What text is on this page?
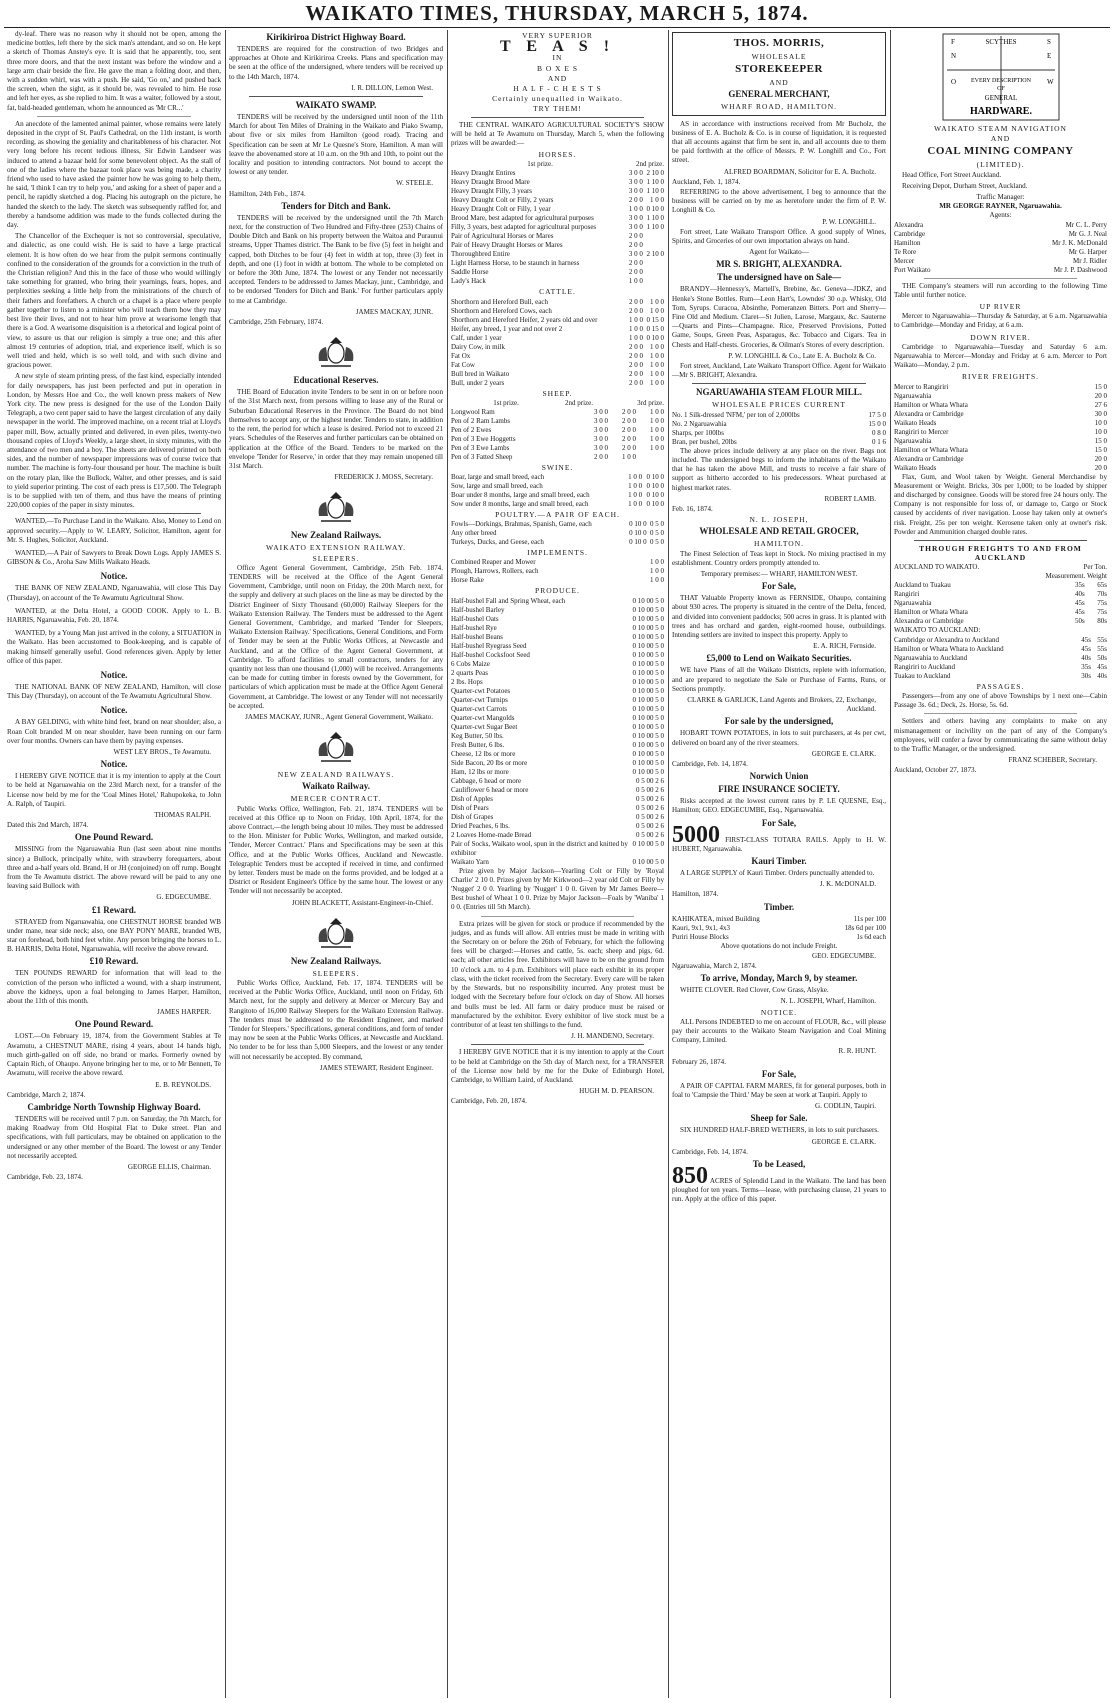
WAIKATO TIMES, THURSDAY, MARCH 5, 1874.

dy-leaf. There was no reason why it should not be open, among the medicine bottles, left there by the sick man's attendant, and so on. He kept a sketch of Thomas Anstey's eye. It is said that he apparently, too, sent three more doors, and that the next instant was before the window and a large arm chair beside the fire. He gave the man a folding door, and then, with a sudden whirl, was with a push. He said, 'Go on,' and pushed back the screen, when the sight, as it should be, was revealed to him. He rose and left her eyes, as she replied to him. It was a waiter, followed by a stout, fat, bald-headed gentleman, whom he announced as 'Mr CR...'

An anecdote of the lamented animal painter, whose remains were lately deposited in the crypt of St. Paul's Cathedral, on the 11th instant, is worth recording, as showing the geniality and charitableness of his character. Not very long before his recent tedious illness, Sir Edwin Landseer was induced to attend a bazaar held for some benevolent object. As the stall of one of the ladies where the bazaar took place was being made, a charity friend who used to have asked the painter how he was going to help them, he said, 'I think I can try to help you,' and asking for a sheet of paper and a pencil, he rapidly sketched a dog. Placing his autograph on the picture, he handed the sketch to the lady. The sketch was subsequently raffled for, and thereby a handsome addition was made to the funds collected during the day.

The Chancellor of the Exchequer is not so controversial, speculative, and dialectic, as one could wish. He is said to have a large practical element. It is how often do we hear from the pulpit sermons continually confined to the consideration of the grounds for a conviction in the truth of the Christian religion? And this in the face of those who would willingly take something for granted, who bring their yearnings, fears, hopes, and perplexities seeking a little help from the ministrations of the church of their fathers and forefathers. A church or a chapel is a place where people gather together to listen to a minister who will teach them how they may best live their lives, and not to hear him prove at wearisome length that there is a God. A wearisome disquisition is a rhetorical and logical point of view, to assure us that our religion is simply a true one; and this after almost 19 centuries of adoption, trial, and experience itself, which is so well tried and held, which is so well told, and with such divine and gracious power.

A new style of steam printing press, of the fast kind, especially intended for daily newspapers, has just been perfected and put in operation in London, by Messrs Hoe and Co., the well known press makers of New York city. The new press is designed for the use of the London Daily Telegraph, a two cent paper said to have the largest circulation of any daily newspaper in the world. The improved machine, on a recent trial at Lloyd's paper mill, Bow, actually printed and delivered, in even piles, twenty-two thousand copies of Lloyd's Weekly, a large sheet, in sixty minutes, with the attendance of two men and a boy. The sheets are delivered printed on both sides, and the number of newspaper impressions was of course twice that number. The machine is forty-four thousand per hour. The machine is built on the rotary plan, like the Bullock, Walter, and other presses, and is said to yield superior printing. The cost of each press is £17,500. The Telegraph is to be supplied with ten of them, and thus have the means of printing 220,000 copies of the paper in sixty minutes.

WANTED,—To Purchase Land in the Waikato. Also, Money to Lend on approved security.—Apply to W. LEARY, Solicitor, Hamilton, agent for Mr. S. Hughes, Solicitor, Auckland.

WANTED,—A Pair of Sawyers to Break Down Logs. Apply JAMES S. GIBSON & Co., Aroha Saw Mills Waikato Heads.

Notice.

THE BANK OF NEW ZEALAND, Ngaruawahia, will close This Day (Thursday), on account of the Te Awamutu Agricultural Show.

WANTED, at the Delta Hotel, a GOOD COOK. Apply to L. B. HARRIS, Ngaruawahia, Feb. 20, 1874.

WANTED, by a Young Man just arrived in the colony, a SITUATION in the Waikato. Has been accustomed to Book-keeping, and is capable of making himself generally useful. Good references given. Apply by letter office of this paper.

Notice.

THE NATIONAL BANK OF NEW ZEALAND, Hamilton, will close This Day (Thursday), on account of the Te Awamutu Agricultural Show.

Notice.

A BAY GELDING, with white hind feet, brand on near shoulder; also, a Roan Colt branded M on near shoulder, have been running on our farm over four months. Owners can have them by paying expenses.

WEST LEY BROS., Te Awamutu.
Notice.

I HEREBY GIVE NOTICE that it is my intention to apply at the Court to be held at Ngaruawahia on the 23rd March next, for a transfer of the License now held by me for the 'Coal Mines Hotel,' Rahupokeka, to John A. Ralph, of Taupiri.

THOMAS RALPH.
Dated this 2nd March, 1874.
One Pound Reward.

MISSING from the Ngaruawahia Run (last seen about nine months since) a Bullock, principally white, with strawberry forequarters, about three and a-half years old. Brand, H or JH (conjoined) on off rump. Bought from the Te Awamutu district. The above reward will be paid to any one leaving said Bullock with

G. EDGECUMBE.
£1 Reward.

STRAYED from Ngaruawahia, one CHESTNUT HORSE branded WB under mane, near side neck; also, one BAY PONY MARE, branded WB, star on forehead, both hind feet white. Any person bringing the horses to L. B. HARRIS, Delta Hotel, Ngaruawahia, will receive the above reward.

£10 Reward.

TEN POUNDS REWARD for information that will lead to the conviction of the person who inflicted a wound, with a sharp instrument, above the kidneys, upon a foal belonging to James Harper, Hamilton, about the 11th of this month.

JAMES HARPER.
One Pound Reward.

LOST.—On February 19, 1874, from the Government Stables at Te Awamutu, a CHESTNUT MARE, rising 4 years, about 14 hands high, much girth-galled on off side, no brand or marks. Formerly owned by Captain Rich, of Ohaupo. Anyone bringing her to me, or to Mr Bennett, Te Awamutu, will receive the above reward.

E. B. REYNOLDS.
Cambridge, March 2, 1874.
Cambridge North Township Highway Board.

TENDERS will be received until 7 p.m. on Saturday, the 7th March, for making Roadway from Old Hospital Flat to Duke street. Plan and specifications, with full particulars, may be obtained on application to the undersigned or any other member of the Board. The lowest or any Tender not necessarily accepted.

GEORGE ELLIS, Chairman.
Cambridge, Feb. 23, 1874.
Kirikiriroa District Highway Board.

TENDERS are required for the construction of two Bridges and approaches at Ohote and Kirikiriroa Creeks. Plans and specification may be seen at the office of the undersigned, where tenders will be received up to the 14th March, 1874.

I. R. DILLON, Lemon West.
WAIKATO SWAMP.

TENDERS will be received by the undersigned until noon of the 11th March for about Ten Miles of Draining in the Waikato and Piako Swamp, about five or six miles from Hamilton (good road). Tracing and Specification can be seen at Mr Le Quesne's Store, Hamilton. A man will leave the abovenamed store at 10 a.m. on the 9th and 10th, to point out the locality and position to intending contractors. Not bound to accept the lowest or any tender.

W. STEELE.
Hamilton, 24th Feb., 1874.
Tenders for Ditch and Bank.

TENDERS will be received by the undersigned until the 7th March next, for the construction of Two Hundred and Fifty-three (253) Chains of Double Ditch and Bank on his property between the Waitoa and Puraunui streams, Upper Thames district. The Bank to be five (5) feet in height and capped, both Ditches to be four (4) feet in width at top, three (3) feet in depth, and one (1) foot in width at bottom. The whole to be completed on or before the 30th June, 1874. The lowest or any Tender not necessarily accepted. Tenders to be addressed to James Mackay, junr., Cambridge, and to be endorsed 'Tenders for Ditch and Bank.' For further particulars apply to me at Cambridge.

JAMES MACKAY, JUNR.
Cambridge, 25th February, 1874.
Educational Reserves.

THE Board of Education invite Tenders to be sent in on or before noon of the 31st March next, from persons willing to lease any of the Rural or Suburban Educational Reserves in the Province. The Board do not bind themselves to accept any, or the highest tender. Tenders to state, in addition to the rent, the period for which a lease is desired. Period not to exceed 21 years. Schedules of the Reserves and further particulars can be obtained on application at the Office of the Board. Tenders to be marked on the envelope 'Tender for Reserve,' in order that they may remain unopened till 31st March.

FREDERICK J. MOSS, Secretary.
New Zealand Railways.
WAIKATO EXTENSION RAILWAY.
SLEEPERS.

Office Agent General Government, Cambridge, 25th Feb. 1874. TENDERS will be received at the Office of the Agent General Government, Cambridge, until noon on Friday, the 20th March next, for the supply and delivery at such places on the line as may be directed by the District Engineer of Sixty Thousand (60,000) Railway Sleepers for the Waikato Extension Railway. The Tenders must be addressed to the Agent General Government, Cambridge, and marked 'Tender for Sleepers, Waikato Extension Railway.' Specifications, General Conditions, and Form of Tender may be seen at the Public Works Offices, at Newcastle and Auckland, and at the Office of the Agent General Government, at Cambridge. To afford facilities to small contractors, tenders for any quantity not less than one thousand (1,000) will be received. Arrangements can be made for cutting timber in forests owned by the Government, for particulars of which application must be made at the Office Agent General Government, at Cambridge. The lowest or any Tender will not necessarily be accepted.

JAMES MACKAY, JUNR., Agent General Government, Waikato.
NEW ZEALAND RAILWAYS.
Waikato Railway.
MERCER CONTRACT.

Public Works Office, Wellington, Feb. 21, 1874. TENDERS will be received at this Office up to Noon on Friday, 10th April, 1874, for the above Contract,—the length being about 10 miles. They must be addressed to the Hon. Minister for Public Works, Wellington, and marked outside, 'Tender, Mercer Contract.' Plans and Specifications may be seen at this Office, and at the Public Works Offices, Auckland and Newcastle. Telegraphic Tenders must be accepted if received in time, and confirmed by letter. Tenders must be made on the forms provided, and be lodged at a District or Resident Engineer's Office by the same hour. The lowest or any Tender will not necessarily be accepted.

JOHN BLACKETT, Assistant-Engineer-in-Chief.
New Zealand Railways.
SLEEPERS.

Public Works Office, Auckland, Feb. 17, 1874. TENDERS will be received at the Public Works Office, Auckland, until noon on Friday, 6th March next, for the supply and delivery at Mercer or Mercury Bay and Rangitoto of 16,000 Railway Sleepers for the Waikato Extension Railway. The tenders must be addressed to the Resident Engineer, and marked 'Tender for Sleepers.' Specifications, general conditions, and form of tender may now be seen at the Public Works Offices, at Newcastle and Auckland. No tender to be for less than 5,000 Sleepers, and the lowest or any tender will not necessarily be accepted. By command,

JAMES STEWART, Resident Engineer.
VERY SUPERIOR
T E A S !
IN
B O X E S
AND
H A L F - C H E S T S
Certainly unequalled in Waikato.
TRY THEM!

THE CENTRAL WAIKATO AGRICULTURAL SOCIETY'S SHOW will be held at Te Awamutu on Thursday, March 5, when the following prizes will be awarded:—

HORSES.
	1st prize.	2nd prize.
Heavy Draught Entires	3 0 0	2 10 0
Heavy Draught Brood Mare	3 0 0	1 10 0
Heavy Draught Filly, 3 years	3 0 0	1 10 0
Heavy Draught Colt or Filly, 2 years	2 0 0	1 0 0
Heavy Draught Colt or Filly, 1 year	1 0 0	0 10 0
Brood Mare, best adapted for agricultural purposes	3 0 0	1 10 0
Filly, 3 years, best adapted for agricultural purposes	3 0 0	1 10 0
Pair of Agricultural Horses or Mares	2 0 0	
Pair of Heavy Draught Horses or Mares	2 0 0	
Thoroughbred Entire	3 0 0	2 10 0
Light Harness Horse, to be staunch in harness	2 0 0	
Saddle Horse	2 0 0	
Lady's Hack	1 0 0	
CATTLE.
Shorthorn and Hereford Bull, each	2 0 0	1 0 0
Shorthorn and Hereford Cows, each	2 0 0	1 0 0
Shorthorn and Hereford Heifer, 2 years old and over	1 0 0	0 15 0
Heifer, any breed, 1 year and not over 2	1 0 0	0 15 0
Calf, under 1 year	1 0 0	0 10 0
Dairy Cow, in milk	2 0 0	1 0 0
Fat Ox	2 0 0	1 0 0
Fat Cow	2 0 0	1 0 0
Bull bred in Waikato	2 0 0	1 0 0
Bull, under 2 years	2 0 0	1 0 0
SHEEP.
	1st prize.	2nd prize.	3rd prize.
Longwool Ram	3 0 0	2 0 0	1 0 0
Pen of 2 Ram Lambs	3 0 0	2 0 0	1 0 0
Pen of 2 Ewes	3 0 0	2 0 0	1 0 0
Pen of 3 Ewe Hoggetts	3 0 0	2 0 0	1 0 0
Pen of 3 Ewe Lambs	3 0 0	2 0 0	1 0 0
Pen of 3 Fatted Sheep	2 0 0	1 0 0	
SWINE.
Boar, large and small breed, each	1 0 0	0 10 0
Sow, large and small breed, each	1 0 0	0 10 0
Boar under 8 months, large and small breed, each	1 0 0	0 10 0
Sow under 8 months, large and small breed, each	1 0 0	0 10 0
POULTRY.—A PAIR OF EACH.
Fowls—Dorkings, Brahmas, Spanish, Game, each	0 10 0	0 5 0
Any other breed	0 10 0	0 5 0
Turkeys, Ducks, and Geese, each	0 10 0	0 5 0
IMPLEMENTS.
Combined Reaper and Mower	1 0 0	
Plough, Harrows, Rollers, each	1 0 0	
Horse Rake	1 0 0	
PRODUCE.
Half-bushel Fall and Spring Wheat, each	0 10 0	0 5 0
Half-bushel Barley	0 10 0	0 5 0
Half-bushel Oats	0 10 0	0 5 0
Half-bushel Rye	0 10 0	0 5 0
Half-bushel Beans	0 10 0	0 5 0
Half-bushel Ryegrass Seed	0 10 0	0 5 0
Half-bushel Cocksfoot Seed	0 10 0	0 5 0
6 Cobs Maize	0 10 0	0 5 0
2 quarts Peas	0 10 0	0 5 0
2 lbs. Hops	0 10 0	0 5 0
Quarter-cwt Potatoes	0 10 0	0 5 0
Quarter-cwt Turnips	0 10 0	0 5 0
Quarter-cwt Carrots	0 10 0	0 5 0
Quarter-cwt Mangolds	0 10 0	0 5 0
Quarter-cwt Sugar Beet	0 10 0	0 5 0
Keg Butter, 50 lbs.	0 10 0	0 5 0
Fresh Butter, 6 lbs.	0 10 0	0 5 0
Cheese, 12 lbs or more	0 10 0	0 5 0
Side Bacon, 20 lbs or more	0 10 0	0 5 0
Ham, 12 lbs or more	0 10 0	0 5 0
Cabbage, 6 head or more	0 5 0	0 2 6
Cauliflower 6 head or more	0 5 0	0 2 6
Dish of Apples	0 5 0	0 2 6
Dish of Pears	0 5 0	0 2 6
Dish of Grapes	0 5 0	0 2 6
Dried Peaches, 6 lbs.	0 5 0	0 2 6
2 Loaves Home-made Bread	0 5 0	0 2 6
Pair of Socks, Waikato wool, spun in the district and knitted by exhibitor	0 10 0	0 5 0
Waikato Yarn	0 10 0	0 5 0

Prize given by Major Jackson—Yearling Colt or Filly by 'Royal Charlie' 2 10 0. Prizes given by Mr Kirkwood—2 year old Colt or Filly by 'Nugget' 2 0 0. Yearling by 'Nugget' 1 0 0. Given by Mr James Beere—Best bushel of Wheat 1 0 0. Prize by Major Jackson—Foals by 'Waniba' 1 0 0. (Entries till 5th March).

Extra prizes will be given for stock or produce if recommended by the judges, and as funds will allow. All entries must be made in writing with the Secretary on or before the 26th of February, for which the following fees will be charged:—Horses and cattle, 5s. each; sheep and pigs, 6d. each; all other articles free. Exhibitors will have to be on the ground from 10 o'clock a.m. to 4 p.m. Exhibitors will place each exhibit in its proper class, with the ticket received from the Secretary. Every care will be taken by the Stewards, but no responsibility incurred. Any protest must be lodged with the Secretary before four o'clock on day of Show. All horses and bulls must be led. All farm or dairy produce must be raised or manufactured by the exhibitor. Every exhibitor of live stock must be a contributor of at least ten shillings to the fund.

J. H. MANDENO, Secretary.

I HEREBY GIVE NOTICE that it is my intention to apply at the Court to be held at Cambridge on the 5th day of March next, for a TRANSFER of the License now held by me for the Duke of Edinburgh Hotel, Cambridge, to William Laird, of Auckland.

HUGH M. D. PEARSON.
Cambridge, Feb. 20, 1874.
THOS. MORRIS,
WHOLESALE
STOREKEEPER
AND
GENERAL MERCHANT,
WHARF ROAD, HAMILTON.

AS in accordance with instructions received from Mr Bucholz, the business of E. A. Bucholz & Co. is in course of liquidation, it is requested that all accounts against that firm be sent in, and all accounts due to them be paid forthwith at the office of Messrs. P. W. Longhill and Co., Fort street.

ALFRED BOARDMAN, Solicitor for E. A. Bucholz.
Auckland, Feb. 1, 1874.

REFERRING to the above advertisement, I beg to announce that the business will be carried on by me as heretofore under the firm of P. W. Longhill & Co.

P. W. LONGHILL.

Fort street, Late Waikato Transport Office. A good supply of Wines, Spirits, and Groceries of our own importation always on hand.

Agent for Waikato—
MR S. BRIGHT, ALEXANDRA.
The undersigned have on Sale—

BRANDY—Hennessy's, Martell's, Brebine, &c. Geneva—JDKZ, and Henke's Stone Bottles. Rum—Leon Hart's, Lowndes' 30 o.p. Whisky, Old Tom, Syrups. Curacoa, Absinthe, Pomeranzen Bitters. Port and Sherry—Fine Old and Medium. Claret—St Julien, Larose, Margaux, &c. Sauterne—Quarts and Pints—Champagne. Rice, Preserved Provisions, Potted Game, Soups, Green Peas, Asparagus, &c. Tobacco and Cigars. Tea in Chests and Half-chests. Groceries, & Oilman's Stores of every description.

P. W. LONGHILL & Co., Late E. A. Bucholz & Co.

Fort street, Auckland, Late Waikato Transport Office. Agent for Waikato—Mr S. BRIGHT, Alexandra.

NGARUAWAHIA STEAM FLOUR MILL.
WHOLESALE PRICES CURRENT
No. 1 Silk-dressed 'NFM,' per ton of 2,000lbs	17 5 0
No. 2 Ngaruawahia	15 0 0
Sharps, per 100lbs	0 8 0
Bran, per bushel, 20lbs	0 1 6

The above prices include delivery at any place on the river. Bags not included. The undersigned begs to inform the inhabitants of the Waikato that he has taken the above Mill, and trusts to receive a fair share of support as hitherto accorded to his predecessors. Wheat purchased at highest market rates.

ROBERT LAMB.
Feb. 16, 1874.
N. L. JOSEPH,
WHOLESALE AND RETAIL GROCER,
HAMILTON.

The Finest Selection of Teas kept in Stock. No mixing practised in my establishment. Country orders promptly attended to.

Temporary premises:— WHARF, HAMILTON WEST.
For Sale,

THAT Valuable Property known as FERNSIDE, Ohaupo, containing about 930 acres. The property is situated in the centre of the Delta, fenced, and divided into convenient paddocks; 500 acres in grass. It is planted with trees and has orchard and garden, eight-roomed house, outbuildings. Intending settlers are invited to inspect this property. Apply to

E. A. RICH, Fernside.
£5,000 to Lend on Waikato Securities.

WE have Plans of all the Waikato Districts, replete with information, and are prepared to negotiate the Sale or Purchase of Farms, Runs, or Sections promptly.

CLARKE & GARLICK, Land Agents and Brokers, 22, Exchange, Auckland.
For sale by the undersigned,

HOBART TOWN POTATOES, in lots to suit purchasers, at 4s per cwt, delivered on board any of the river steamers.

GEORGE E. CLARK.
Cambridge, Feb. 14, 1874.
Norwich Union
FIRE INSURANCE SOCIETY.

Risks accepted at the lowest current rates by P. LE QUESNE, Esq., Hamilton; GEO. EDGECUMBE, Esq., Ngaruawahia.

For Sale,

5000 FIRST-CLASS TOTARA RAILS. Apply to H. W. HUBERT, Ngaruawahia.

Kauri Timber.

A LARGE SUPPLY of Kauri Timber. Orders punctually attended to.

J. K. McDONALD.
Hamilton, 1874.
Timber.
KAHIKATEA, mixed Building	11s per 100
Kauri, 9x1, 9x1, 4x3	18s 6d per 100
Puriri House Blocks	1s 6d each
Above quotations do not include Freight.
GEO. EDGECUMBE.
Ngaruawahia, March 2, 1874.
To arrive, Monday, March 9, by steamer.

WHITE CLOVER. Red Clover, Cow Grass, Alsyke.

N. L. JOSEPH, Wharf, Hamilton.
NOTICE.

ALL Persons INDEBTED to me on account of FLOUR, &c., will please pay their accounts to the Waikato Steam Navigation and Coal Mining Company, Limited.

R. R. HUNT.
February 26, 1874.
For Sale,

A PAIR OF CAPITAL FARM MARES, fit for general purposes, both in foal to 'Campsie the Third.' May be seen at work at Taupiri. Apply to

G. CODLIN, Taupiri.
Sheep for Sale.

SIX HUNDRED HALF-BRED WETHERS, in lots to suit purchasers.

GEORGE E. CLARK.
Cambridge, Feb. 14, 1874.
To be Leased,

850 ACRES of Splendid Land in the Waikato. The land has been ploughed for ten years. Terms—lease, with purchasing clause, 21 years to run. Apply at the office of this paper.

SCYTHES
F
N
S
E
O	W
EVERY DESCRIPTION
OF
GENERAL
HARDWARE.
WAIKATO STEAM NAVIGATION
AND
COAL MINING COMPANY
(LIMITED).

Head Office, Fort Street Auckland.

Receiving Depot, Durham Street, Auckland.

Traffic Manager:
MR GEORGE RAYNER, Ngaruawahia.
Agents:
Alexandra	Mr C. L. Perry
Cambridge	Mr G. J. Neal
Hamilton	Mr J. K. McDonald
Te Rore	Mr G. Harper
Mercer	Mr J. Ridler
Port Waikato	Mr J. P. Dashwood

THE Company's steamers will run according to the following Time Table until further notice.

UP RIVER

Mercer to Ngaruawahia—Thursday & Saturday, at 6 a.m. Ngaruawahia to Cambridge—Monday and Friday, at 6 a.m.

DOWN RIVER.

Cambridge to Ngaruawahia—Tuesday and Saturday 6 a.m. Ngaruawahia to Mercer—Monday and Friday at 6 a.m. Mercer to Port Waikato—Monday, 2 p.m.

RIVER FREIGHTS.
Mercer to Rangiriri	15 0
Ngaruawahia	20 0
Hamilton or Whata Whata	27 6
Alexandra or Cambridge	30 0
Waikato Heads	10 0
Rangiriri to Mercer	10 0
Ngaruawahia	15 0
Hamilton or Whata Whata	15 0
Alexandra or Cambridge	20 0
Waikato Heads	20 0

Flax, Gum, and Wool taken by Weight. General Merchandise by Measurement or Weight. Bricks, 30s per 1,000; to be loaded by shipper and discharged by consignee. Goods will be stored free 24 hours only. The Company is not responsible for loss of, or damage to, Cargo or Stock caused by accidents of river navigation. Loose hay taken only at owner's risk. Freight, 25s per ton weight. Kerosene taken only at owner's risk. Powder and Ammunition charged double rates.

THROUGH FREIGHTS TO AND FROM AUCKLAND
AUCKLAND TO WAIKATO.	Per Ton.
	Measurement. Weight
Auckland to Tuakau	35s	65s
Rangiriri	40s	70s
Ngaruawahia	45s	75s
Hamilton or Whata Whata	45s	75s
Alexandra or Cambridge	50s	80s
WAIKATO TO AUCKLAND:
Cambridge or Alexandra to Auckland	45s	55s
Hamilton or Whata Whata to Auckland	45s	55s
Ngaruawahia to Auckland	40s	50s
Rangiriri to Auckland	35s	45s
Tuakau to Auckland	30s	40s
PASSAGES.

Passengers—from any one of above Townships by 1 next one—Cabin Passage 3s. 6d.; Deck, 2s. Horse, 5s. 6d.

Settlers and others having any complaints to make on any mismanagement or incivility on the part of any of the Company's employees, will confer a favor by communicating the same without delay to the Traffic Manager, or the undersigned.

FRANZ SCHEBER, Secretary.
Auckland, October 27, 1873.
